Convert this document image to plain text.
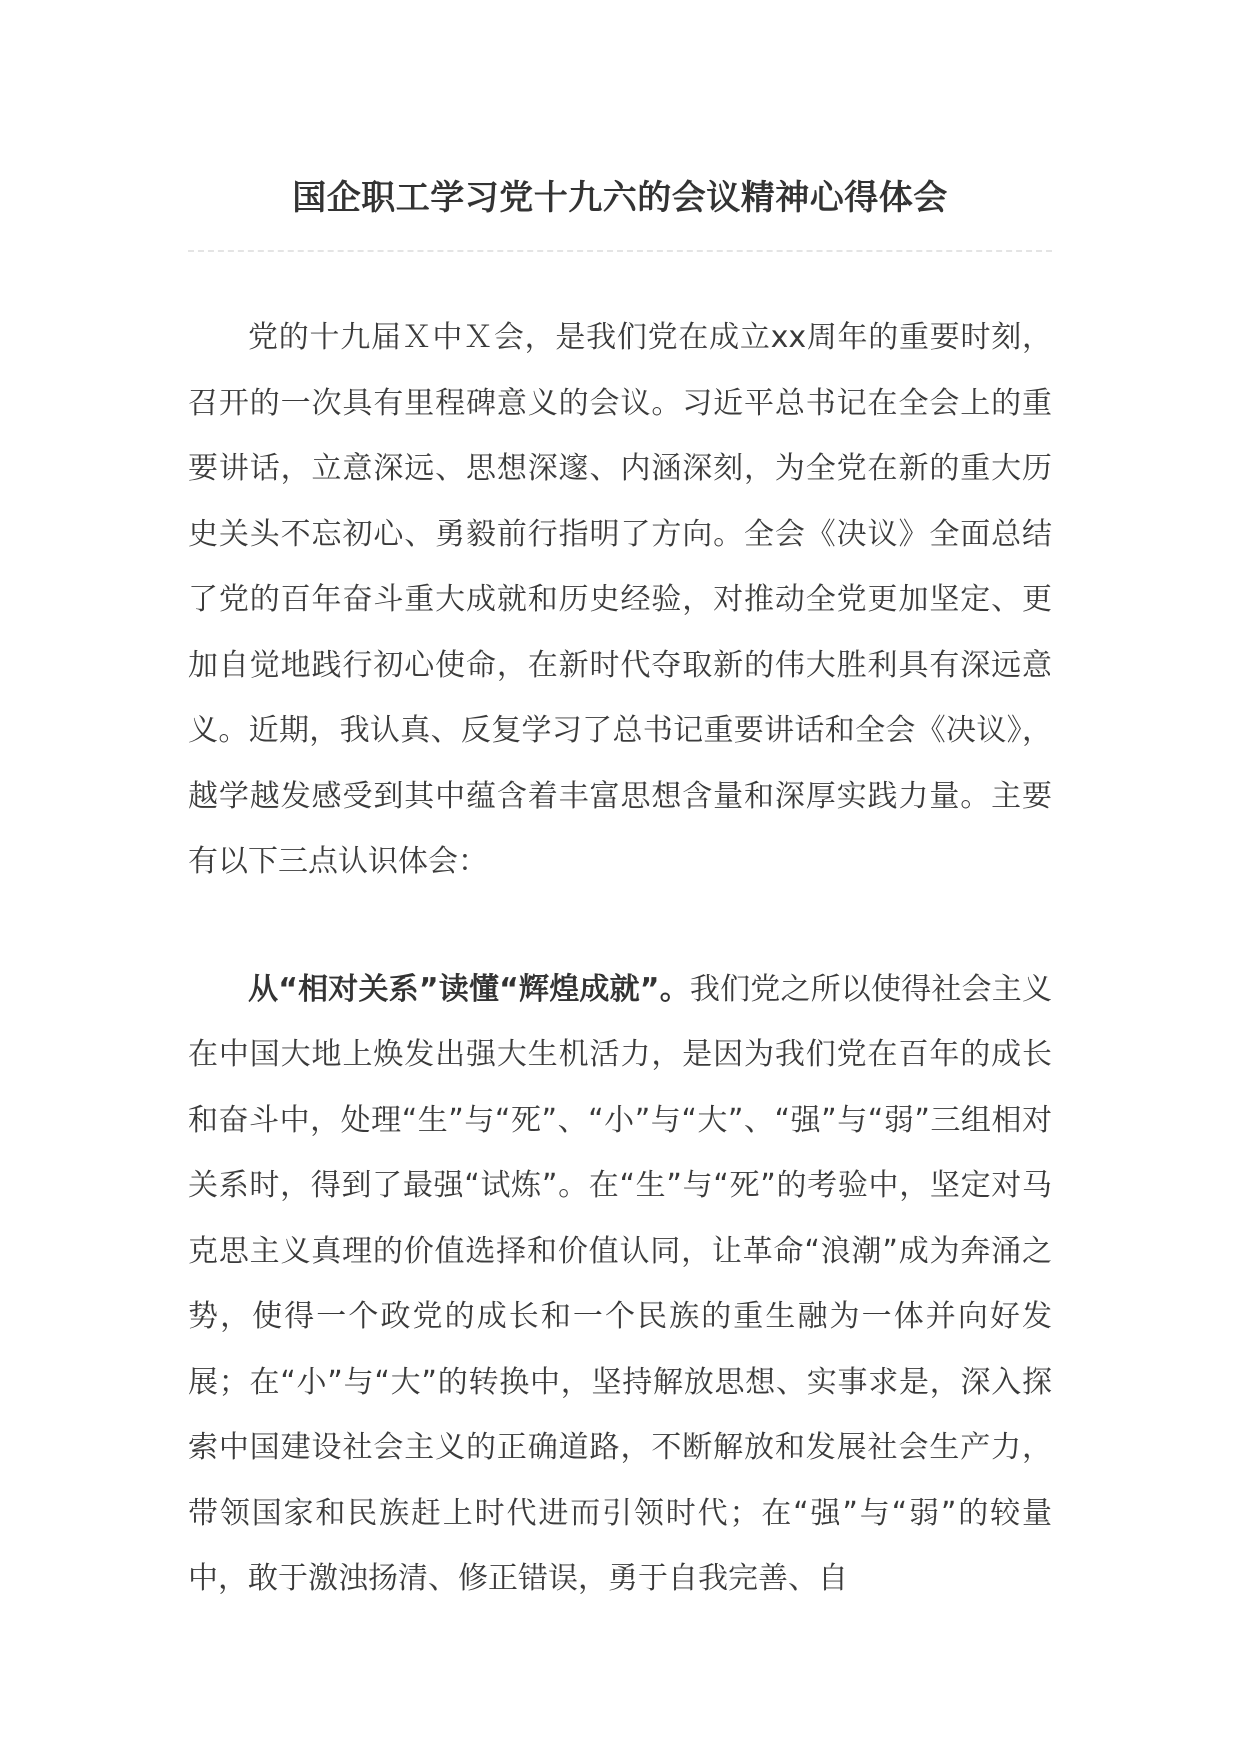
国企职工学习党十九六的会议精神心得体会

党的十九届Ｘ中Ｘ会，是我们党在成立xx周年的重要时刻，召开的一次具有里程碑意义的会议。习近平总书记在全会上的重要讲话，立意深远、思想深邃、内涵深刻，为全党在新的重大历史关头不忘初心、勇毅前行指明了方向。全会《决议》全面总结了党的百年奋斗重大成就和历史经验，对推动全党更加坚定、更加自觉地践行初心使命，在新时代夺取新的伟大胜利具有深远意义。近期，我认真、反复学习了总书记重要讲话和全会《决议》，越学越发感受到其中蕴含着丰富思想含量和深厚实践力量。主要有以下三点认识体会：

从“相对关系”读懂“辉煌成就”。我们党之所以使得社会主义在中国大地上焕发出强大生机活力，是因为我们党在百年的成长和奋斗中，处理“生”与“死”、“小”与“大”、“强”与“弱”三组相对关系时，得到了最强“试炼”。在“生”与“死”的考验中，坚定对马克思主义真理的价值选择和价值认同，让革命“浪潮”成为奔涌之势，使得一个政党的成长和一个民族的重生融为一体并向好发展；在“小”与“大”的转换中，坚持解放思想、实事求是，深入探索中国建设社会主义的正确道路，不断解放和发展社会生产力，带领国家和民族赶上时代进而引领时代；在“强”与“弱”的较量中，敢于激浊扬清、修正错误，勇于自我完善、自
